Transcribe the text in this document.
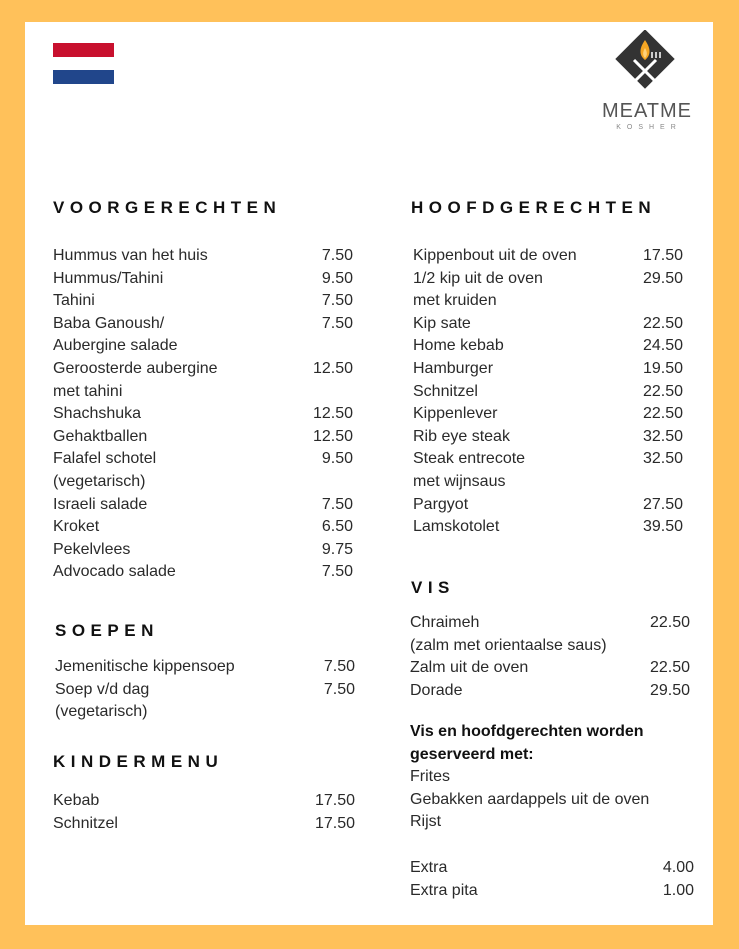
MEATME
KOSHER
VOORGERECHTEN
Hummus van het huis	7.50
Hummus/Tahini	9.50
Tahini	7.50
Baba Ganoush/	7.50
Aubergine salade
Geroosterde aubergine	12.50
met tahini
Shachshuka	12.50
Gehaktballen	12.50
Falafel schotel	9.50
(vegetarisch)
Israeli salade	7.50
Kroket	6.50
Pekelvlees	9.75
Advocado salade	7.50
SOEPEN
Jemenitische kippensoep	7.50
Soep v/d dag	7.50
(vegetarisch)
KINDERMENU
Kebab	17.50
Schnitzel	17.50
HOOFDGERECHTEN
Kippenbout uit de oven	17.50
1/2 kip uit de oven	29.50
met kruiden
Kip sate	22.50
Home kebab	24.50
Hamburger	19.50
Schnitzel	22.50
Kippenlever	22.50
Rib eye steak	32.50
Steak entrecote	32.50
met wijnsaus
Pargyot	27.50
Lamskotolet	39.50
VIS
Chraimeh	22.50
(zalm met orientaalse saus)
Zalm uit de oven	22.50
Dorade	29.50
Vis en hoofdgerechten worden
geserveerd met:
Frites
Gebakken aardappels uit de oven
Rijst
Extra	4.00
Extra pita	1.00
